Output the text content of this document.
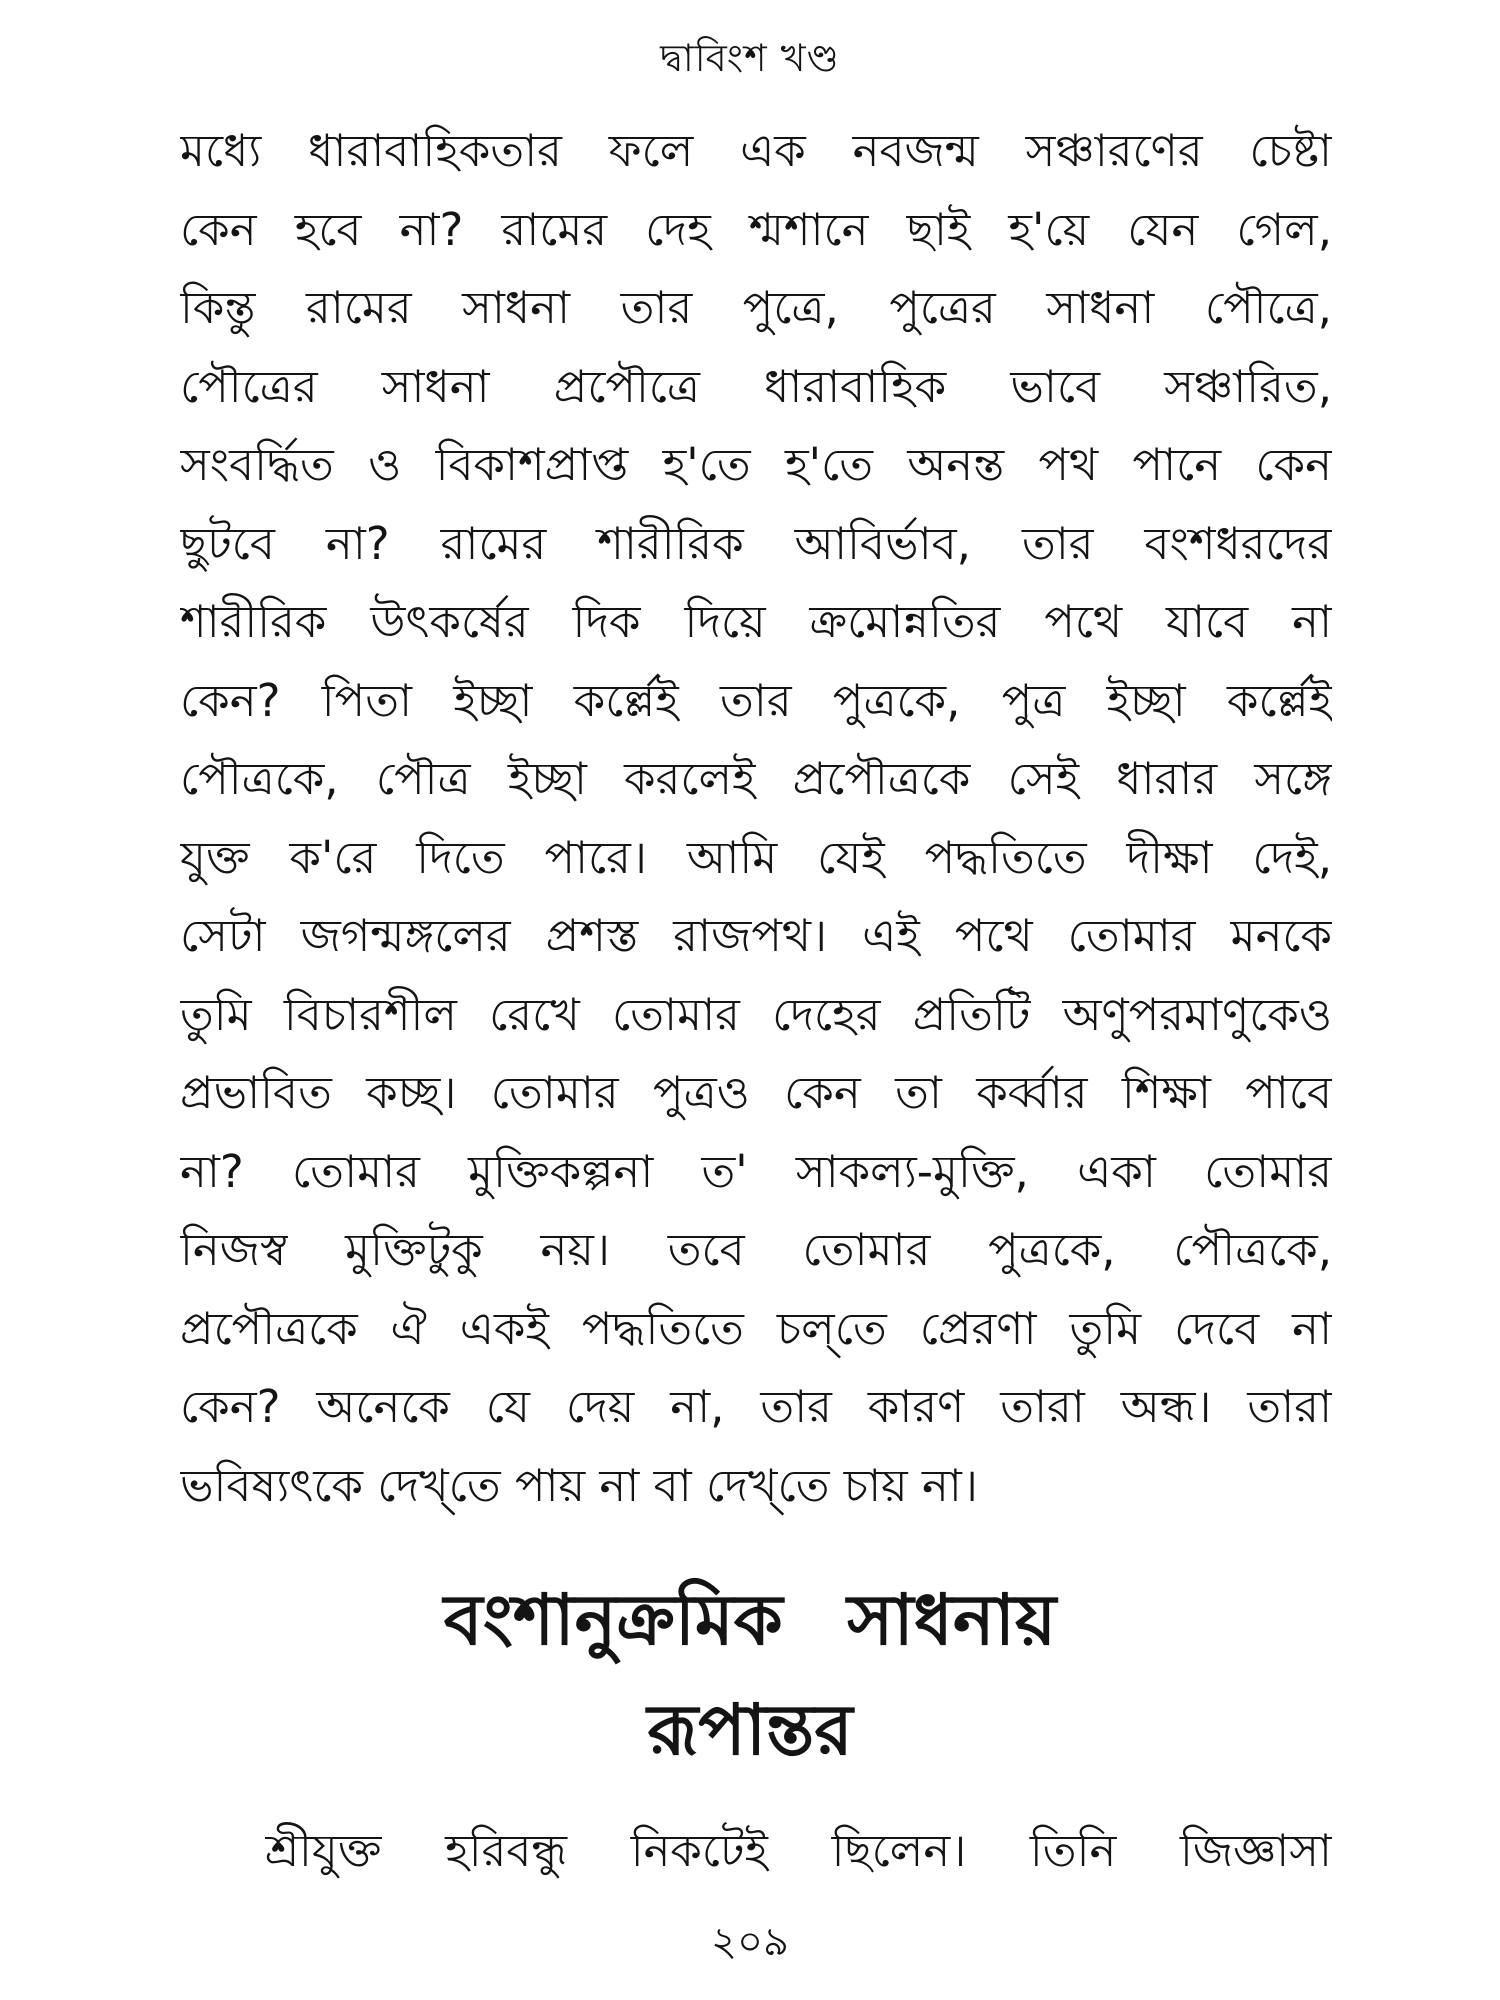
দ্বাবিংশ খণ্ড

মধ্যে ধারাবাহিকতার ফলে এক নবজন্ম সঞ্চারণের চেষ্টা
কেন হবে না? রামের দেহ শ্মশানে ছাই হ'য়ে যেন গেল,
কিন্তু রামের সাধনা তার পুত্রে, পুত্রের সাধনা পৌত্রে,
পৌত্রের সাধনা প্রপৌত্রে ধারাবাহিক ভাবে সঞ্চারিত,
সংবর্দ্ধিত ও বিকাশপ্রাপ্ত হ'তে হ'তে অনন্ত পথ পানে কেন
ছুটবে না? রামের শারীরিক আবির্ভাব, তার বংশধরদের
শারীরিক উৎকর্ষের দিক দিয়ে ক্রমোন্নতির পথে যাবে না
কেন? পিতা ইচ্ছা কর্ল্লেই তার পুত্রকে, পুত্র ইচ্ছা কর্ল্লেই
পৌত্রকে, পৌত্র ইচ্ছা করলেই প্রপৌত্রকে সেই ধারার সঙ্গে
যুক্ত ক'রে দিতে পারে। আমি যেই পদ্ধতিতে দীক্ষা দেই,
সেটা জগন্মঙ্গলের প্রশস্ত রাজপথ। এই পথে তোমার মনকে
তুমি বিচারশীল রেখে তোমার দেহের প্রতিটি অণুপরমাণুকেও
প্রভাবিত কচ্ছ। তোমার পুত্রও কেন তা কর্ব্বার শিক্ষা পাবে
না? তোমার মুক্তিকল্পনা ত' সাকল্য-মুক্তি, একা তোমার
নিজস্ব মুক্তিটুকু নয়। তবে তোমার পুত্রকে, পৌত্রকে,
প্রপৌত্রকে ঐ একই পদ্ধতিতে চল্‌তে প্রেরণা তুমি দেবে না
কেন? অনেকে যে দেয় না, তার কারণ তারা অন্ধ। তারা
ভবিষ্যৎকে দেখ্‌তে পায় না বা দেখ্‌তে চায় না।

বংশানুক্রমিক সাধনায়
রূপান্তর

শ্রীযুক্ত হরিবন্ধু নিকটেই ছিলেন। তিনি জিজ্ঞাসা

২০৯
